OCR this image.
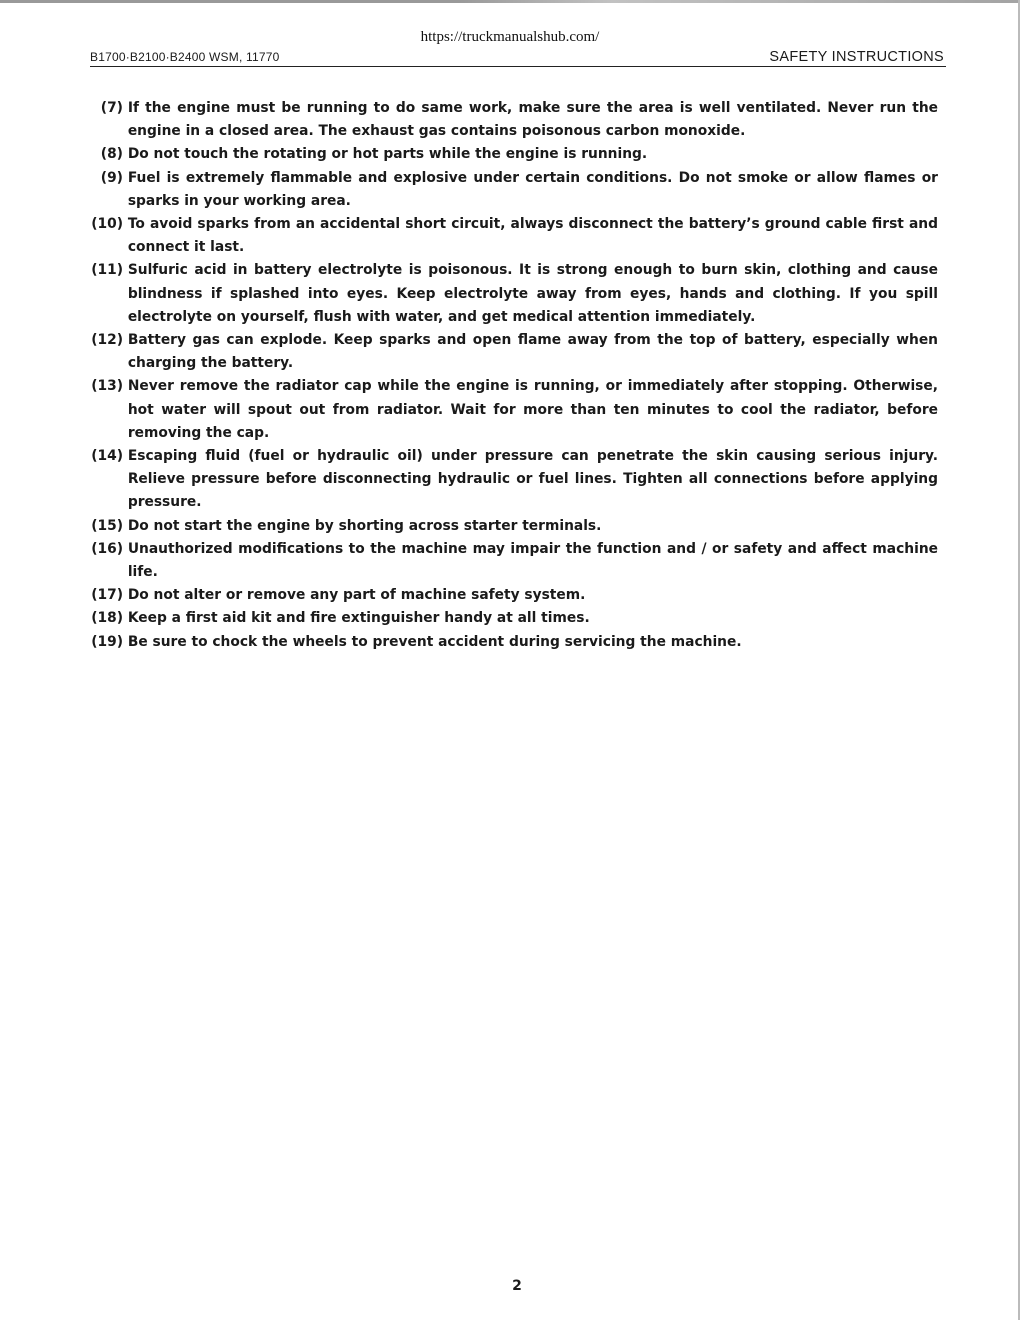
https://truckmanualshub.com/
B1700·B2100·B2400 WSM, 11770	SAFETY INSTRUCTIONS
(7)
If the engine must be running to do same work, make sure the area is well ventilated. Never run the engine in a closed area. The exhaust gas contains poisonous carbon monoxide.
(8)
Do not touch the rotating or hot parts while the engine is running.
(9)
Fuel is extremely flammable and explosive under certain conditions. Do not smoke or allow flames or sparks in your working area.
(10)
To avoid sparks from an accidental short circuit, always disconnect the battery’s ground cable first and connect it last.
(11)
Sulfuric acid in battery electrolyte is poisonous. It is strong enough to burn skin, clothing and cause blindness if splashed into eyes. Keep electrolyte away from eyes, hands and clothing. If you spill electrolyte on yourself, flush with water, and get medical attention immediately.
(12)
Battery gas can explode. Keep sparks and open flame away from the top of battery, especially when charging the battery.
(13)
Never remove the radiator cap while the engine is running, or immediately after stopping. Otherwise, hot water will spout out from radiator. Wait for more than ten minutes to cool the radiator, before removing the cap.
(14)
Escaping fluid (fuel or hydraulic oil) under pressure can penetrate the skin causing serious injury. Relieve pressure before disconnecting hydraulic or fuel lines. Tighten all connections before applying pressure.
(15)
Do not start the engine by shorting across starter terminals.
(16)
Unauthorized modifications to the machine may impair the function and / or safety and affect machine life.
(17)
Do not alter or remove any part of machine safety system.
(18)
Keep a first aid kit and fire extinguisher handy at all times.
(19)
Be sure to chock the wheels to prevent accident during servicing the machine.
2
